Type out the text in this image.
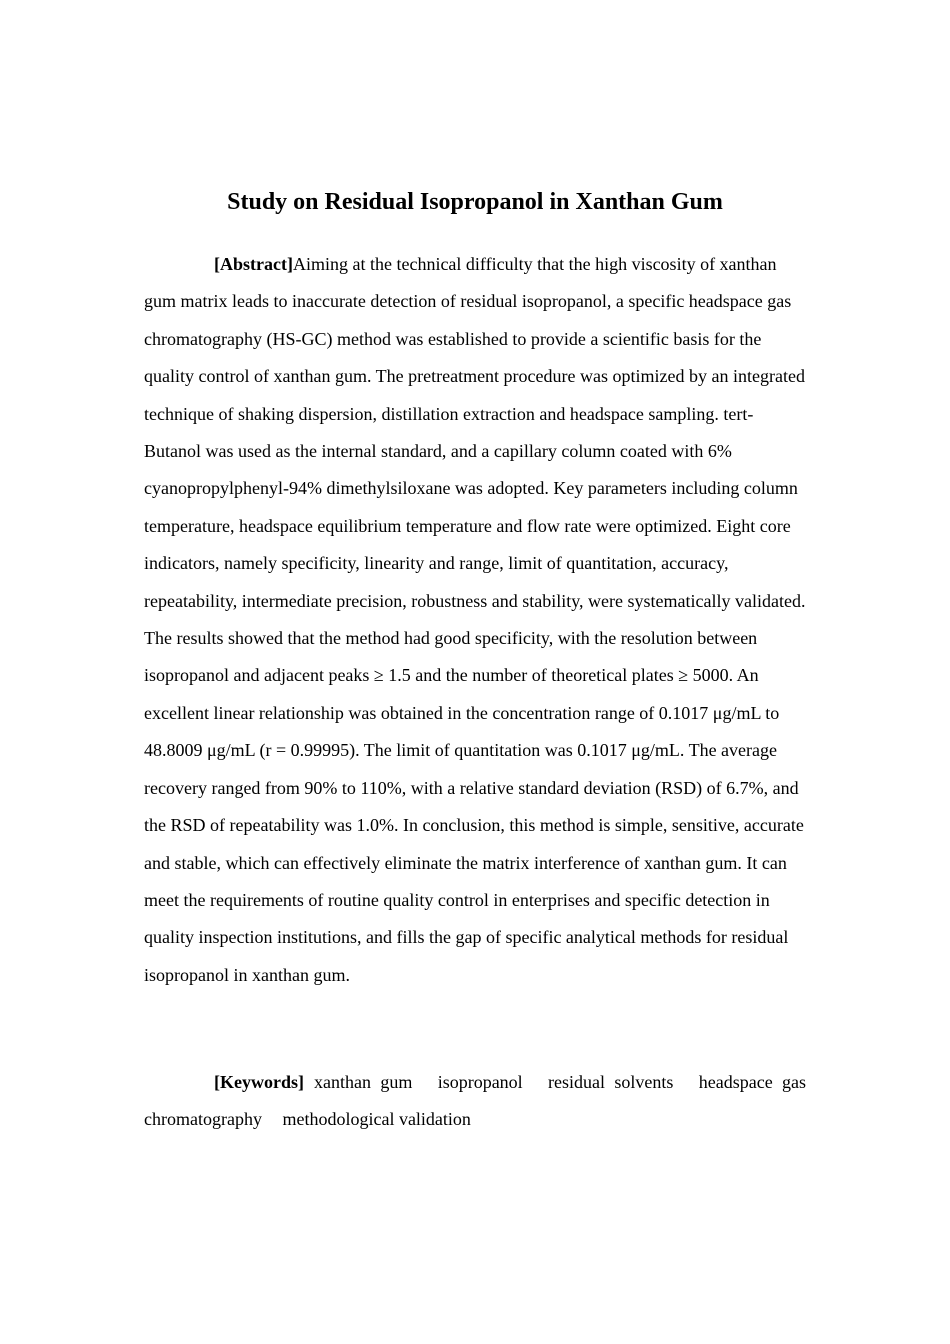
Study on Residual Isopropanol in Xanthan Gum

[Abstract]Aiming at the technical difficulty that the high viscosity of xanthan gum matrix leads to inaccurate detection of residual isopropanol, a specific headspace gas chromatography (HS-GC) method was established to provide a scientific basis for the quality control of xanthan gum. The pretreatment procedure was optimized by an integrated technique of shaking dispersion, distillation extraction and headspace sampling. tert-Butanol was used as the internal standard, and a capillary column coated with 6% cyanopropylphenyl-94% dimethylsiloxane was adopted. Key parameters including column temperature, headspace equilibrium temperature and flow rate were optimized. Eight core indicators, namely specificity, linearity and range, limit of quantitation, accuracy, repeatability, intermediate precision, robustness and stability, were systematically validated. The results showed that the method had good specificity, with the resolution between isopropanol and adjacent peaks ≥ 1.5 and the number of theoretical plates ≥ 5000. An excellent linear relationship was obtained in the concentration range of 0.1017 μg/mL to 48.8009 μg/mL (r = 0.99995). The limit of quantitation was 0.1017 μg/mL. The average recovery ranged from 90% to 110%, with a relative standard deviation (RSD) of 6.7%, and the RSD of repeatability was 1.0%. In conclusion, this method is simple, sensitive, accurate and stable, which can effectively eliminate the matrix interference of xanthan gum. It can meet the requirements of routine quality control in enterprises and specific detection in quality inspection institutions, and fills the gap of specific analytical methods for residual isopropanol in xanthan gum.

[Keywords] xanthan gum isopropanol residual solvents headspace gas chromatography methodological validation
